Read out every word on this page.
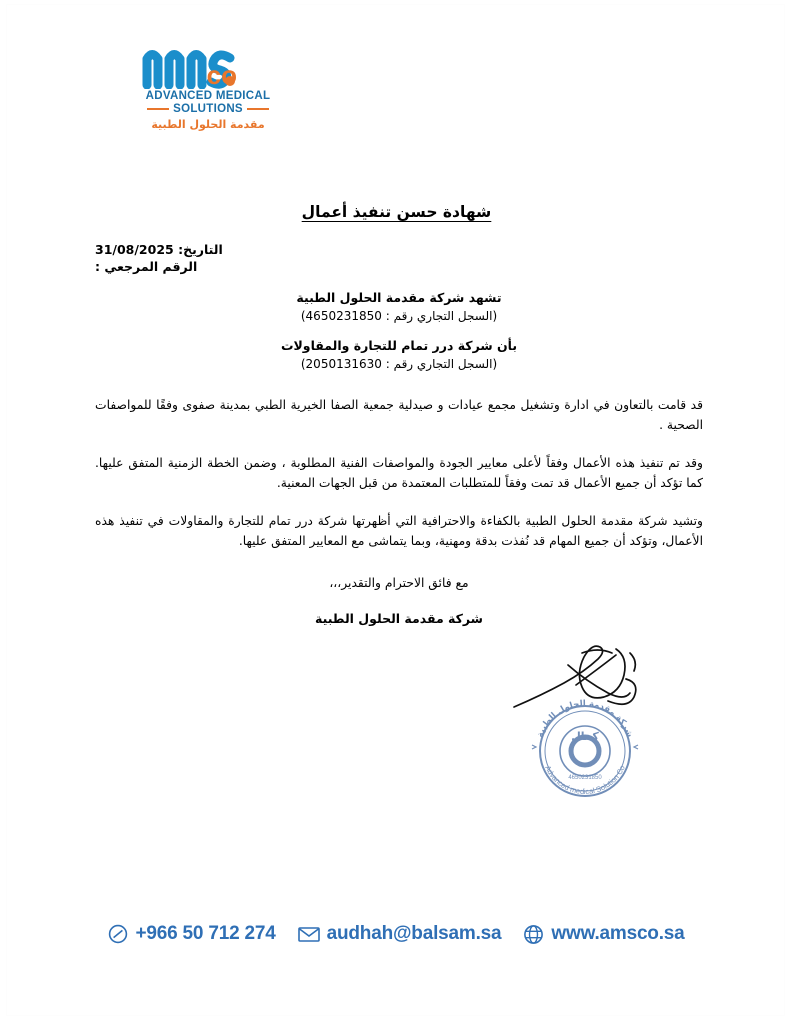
co
ADVANCED MEDICAL
SOLUTIONS
مقدمة الحلول الطبية
شهادة حسن تنفيذ أعمال
التاريخ: 31/08/2025
الرقم المرجعي :
تشهد شركة مقدمة الحلول الطبية
(السجل التجاري رقم : 4650231850)
بأن شركة درر تمام للتجارة والمقاولات
(السجل التجاري رقم : 2050131630)
قد قامت بالتعاون في ادارة وتشغيل مجمع عيادات و صيدلية جمعية الصفا الخيرية الطبي بمدينة صفوى وفقًا للمواصفات الصحية .
وقد تم تنفيذ هذه الأعمال وفقاً لأعلى معايير الجودة والمواصفات الفنية المطلوبة ، وضمن الخطة الزمنية المتفق عليها. كما تؤكد أن جميع الأعمال قد تمت وفقاً للمتطلبات المعتمدة من قبل الجهات المعنية.
وتشيد شركة مقدمة الحلول الطبية بالكفاءة والاحترافية التي أظهرتها شركة درر تمام للتجارة والمقاولات في تنفيذ هذه الأعمال، وتؤكد أن جميع المهام قد نُفذت بدقة ومهنية، وبما يتماشى مع المعايير المتفق عليها.
مع فائق الاحترام والتقدير،،،
شركة مقدمة الحلول الطبية
شركة مقدمة الحلول الطبية
Advanced medical Solution Co
كمال
4650231850
+966 50 712 274	audhah@balsam.sa	www.amsco.sa
